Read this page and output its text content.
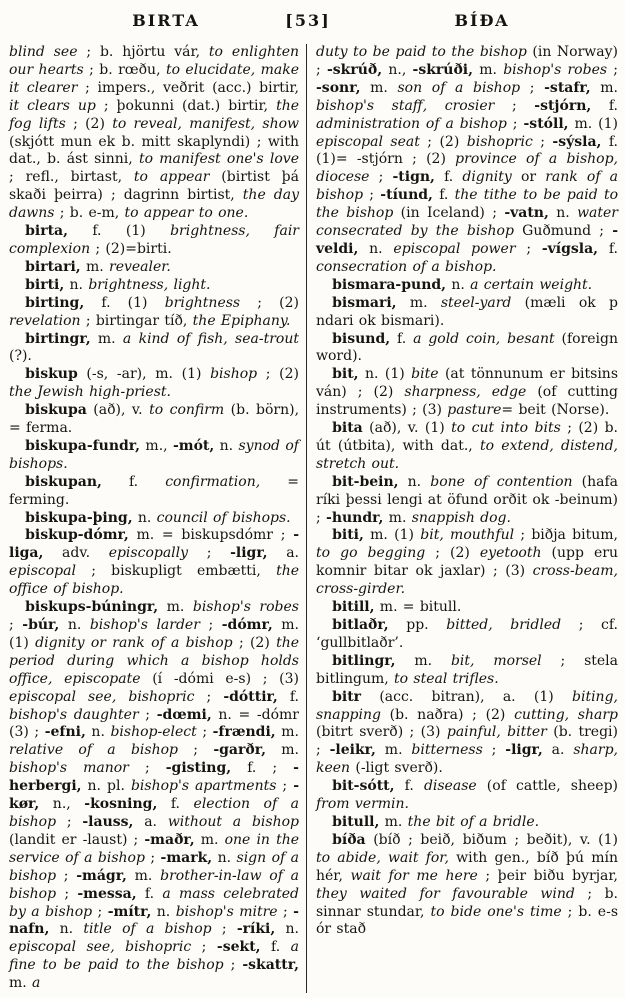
BIRTA	[53]	BÍÐA

blind see ; b. hjörtu vár, to enlighten our hearts ; b. rœðu, to elucidate, make it clearer ; impers., veðrit (acc.) birtir, it clears up ; þokunni (dat.) birtir, the fog lifts ; (2) to reveal, manifest, show (skjótt mun ek b. mitt skaplyndi) ; with dat., b. ást sinni, to manifest one's love ; refl., birtast, to appear (birtist þá skaði þeirra) ; dagrinn birtist, the day dawns ; b. e-m, to appear to one.

birta, f. (1) brightness, fair complexion ; (2)=birti.

birtari, m. revealer.

birti, n. brightness, light.

birting, f. (1) brightness ; (2) revelation ; birtingar tíð, the Epiphany.

birtingr, m. a kind of fish, sea-trout (?).

biskup (-s, -ar), m. (1) bishop ; (2) the Jewish high-priest.

biskupa (að), v. to confirm (b. börn), = ferma.

biskupa-fundr, m., -mót, n. synod of bishops.

biskupan, f. confirmation, = ferming.

biskupa-þing, n. council of bishops.

biskup-dómr, m. = biskupsdómr ; -liga, adv. episcopally ; -ligr, a. episcopal ; biskupligt embætti, the office of bishop.

biskups-búningr, m. bishop's robes ; -búr, n. bishop's larder ; -dómr, m. (1) dignity or rank of a bishop ; (2) the period during which a bishop holds office, episcopate (í -dómi e-s) ; (3) episcopal see, bishopric ; -dóttir, f. bishop's daughter ; -dœmi, n. = -dómr (3) ; -efni, n. bishop-elect ; -frændi, m. relative of a bishop ; -garðr, m. bishop's manor ; -gisting, f. ; -herbergi, n. pl. bishop's apartments ; -kør, n., -kosning, f. election of a bishop ; -lauss, a. without a bishop (landit er -laust) ; -maðr, m. one in the service of a bishop ; -mark, n. sign of a bishop ; -mágr, m. brother-in-law of a bishop ; -messa, f. a mass celebrated by a bishop ; -mítr, n. bishop's mitre ; -nafn, n. title of a bishop ; -ríki, n. episcopal see, bishopric ; -sekt, f. a fine to be paid to the bishop ; -skattr, m. a

duty to be paid to the bishop (in Norway) ; -skrúð, n., -skrúði, m. bishop's robes ; -sonr, m. son of a bishop ; -stafr, m. bishop's staff, crosier ; -stjórn, f. administration of a bishop ; -stóll, m. (1) episcopal seat ; (2) bishopric ; -sýsla, f. (1)= -stjórn ; (2) province of a bishop, diocese ; -tign, f. dignity or rank of a bishop ; -tíund, f. the tithe to be paid to the bishop (in Iceland) ; -vatn, n. water consecrated by the bishop Guðmund ; -veldi, n. episcopal power ; -vígsla, f. consecration of a bishop.

bismara-pund, n. a certain weight.

bismari, m. steel-yard (mæli ok p ndari ok bismari).

bisund, f. a gold coin, besant (foreign word).

bit, n. (1) bite (at tönnunum er bitsins ván) ; (2) sharpness, edge (of cutting instruments) ; (3) pasture= beit (Norse).

bita (að), v. (1) to cut into bits ; (2) b. út (útbita), with dat., to extend, distend, stretch out.

bit-bein, n. bone of contention (hafa ríki þessi lengi at öfund orðit ok -beinum) ; -hundr, m. snappish dog.

biti, m. (1) bit, mouthful ; biðja bitum, to go begging ; (2) eyetooth (upp eru komnir bitar ok jaxlar) ; (3) cross-beam, cross-girder.

bitill, m. = bitull.

bitlaðr, pp. bitted, bridled ; cf. ‘gullbitlaðr’.

bitlingr, m. bit, morsel ; stela bitlingum, to steal trifles.

bitr (acc. bitran), a. (1) biting, snapping (b. naðra) ; (2) cutting, sharp (bitrt sverð) ; (3) painful, bitter (b. tregi) ; -leikr, m. bitterness ; -ligr, a. sharp, keen (-ligt sverð).

bit-sótt, f. disease (of cattle, sheep) from vermin.

bitull, m. the bit of a bridle.

bíða (bíð ; beið, biðum ; beðit), v. (1) to abide, wait for, with gen., bíð þú mín hér, wait for me here ; þeir biðu byrjar, they waited for favourable wind ; b. sinnar stundar, to bide one's time ; b. e-s ór stað
